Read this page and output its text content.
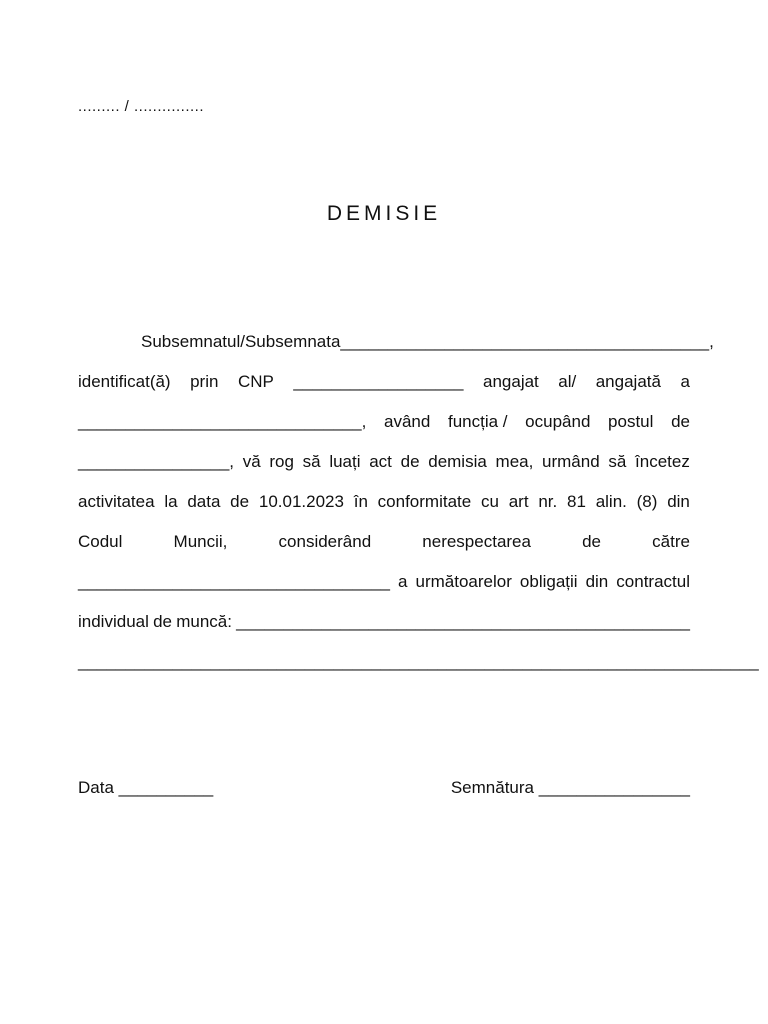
......... / ...............
DEMISIE
Subsemnatul/Subsemnata _______________________________________,
identificat(ă) prin CNP __________________ angajat al/ angajată a
______________________________, având funcția / ocupând postul de
________________, vă rog să luați act de demisia mea, urmând să încetez
activitatea la data de 10.01.2023 în conformitate cu art nr. 81 alin. (8) din
Codul	Muncii,	considerând	nerespectarea	de	către
_________________________________ a următoarelor obligații din contractul
individual de muncă: ________________________________________________
________________________________________________________________________
Data __________	Semnătura ________________
